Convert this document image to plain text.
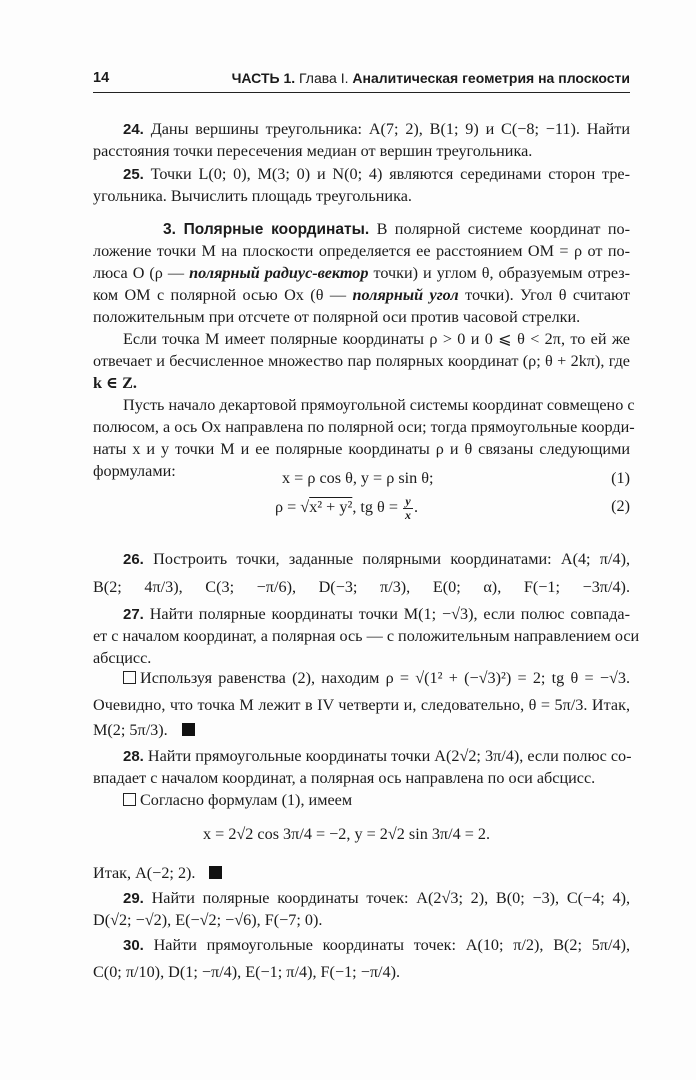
14	ЧАСТЬ 1. Глава I. Аналитическая геометрия на плоскости
24. Даны вершины треугольника: A(7; 2), B(1; 9) и C(−8; −11). Найти
расстояния точки пересечения медиан от вершин треугольника.
25. Точки L(0; 0), M(3; 0) и N(0; 4) являются серединами сторон тре-
угольника. Вычислить площадь треугольника.
3. Полярные координаты. В полярной системе координат по-
ложение точки M на плоскости определяется ее расстоянием OM = ρ от по-
люса O (ρ — полярный радиус-вектор точки) и углом θ, образуемым отрез-
ком OM с полярной осью Ox (θ — полярный угол точки). Угол θ считают
положительным при отсчете от полярной оси против часовой стрелки.
Если точка M имеет полярные координаты ρ > 0 и 0 ⩽ θ < 2π, то ей же
отвечает и бесчисленное множество пар полярных координат (ρ; θ + 2kπ), где
k ∈ Z.
Пусть начало декартовой прямоугольной системы координат совмещено с
полюсом, а ось Ox направлена по полярной оси; тогда прямоугольные коорди-
наты x и y точки M и ее полярные координаты ρ и θ связаны следующими
формулами:	x = ρ cos θ, y = ρ sin θ;	(1)
ρ = √x² + y², tg $\theta = \frac{y}{x}$ .	(2)
26. Построить точки, заданные полярными координатами: A(4; π/4),
B(2; 4π/3), C(3; −π/6), D(−3; π/3), E(0; α), F(−1; −3π/4).
27. Найти полярные координаты точки M(1; −√3), если полюс совпада-
ет с началом координат, а полярная ось — с положительным направлением оси
абсцисс.
Используя равенства (2), находим ρ = √(1² + (−√3)²) = 2; tg θ = −√3.
Очевидно, что точка M лежит в IV четверти и, следовательно, θ = 5π/3. Итак,
M(2; 5π/3).
28. Найти прямоугольные координаты точки A(2√2; 3π/4), если полюс со-
впадает с началом координат, а полярная ось направлена по оси абсцисс.
Согласно формулам (1), имеем
x = 2√2 cos 3π/4 = −2, y = 2√2 sin 3π/4 = 2.
Итак, A(−2; 2).
29. Найти полярные координаты точек: A(2√3; 2), B(0; −3), C(−4; 4),
D(√2; −√2), E(−√2; −√6), F(−7; 0).
30. Найти прямоугольные координаты точек: A(10; π/2), B(2; 5π/4),
C(0; π/10), D(1; −π/4), E(−1; π/4), F(−1; −π/4).
